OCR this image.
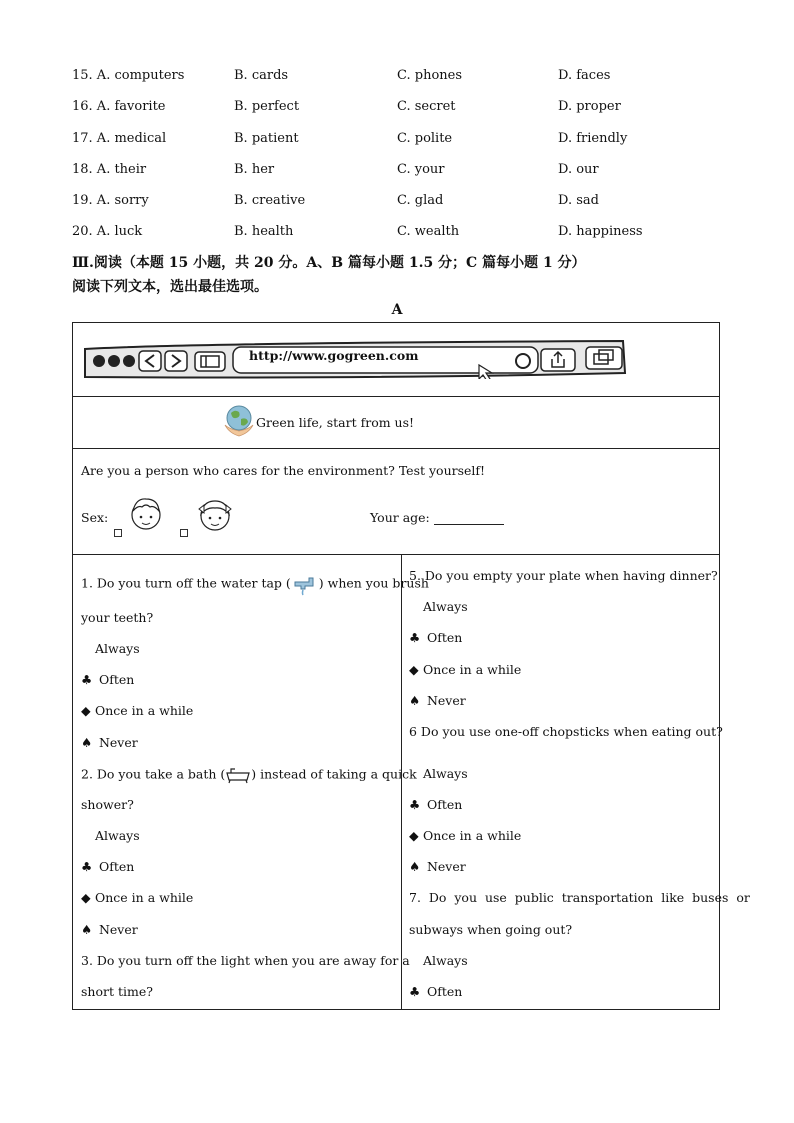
15. A. computers	B. cards	C. phones	D. faces
16. A. favorite	B. perfect	C. secret	D. proper
17. A. medical	B. patient	C. polite	D. friendly
18. A. their	B. her	C. your	D. our
19. A. sorry	B. creative	C. glad	D. sad
20. A. luck	B. health	C. wealth	D. happiness
Ⅲ.阅读（本题 15 小题，共 20 分。A、B 篇每小题 1.5 分；C 篇每小题 1 分）
阅读下列文本，选出最佳选项。
A
http://www.gogreen.com
Green life, start from us!
Are you a person who cares for the environment? Test yourself!
Sex:	Your age:
1. Do you turn off the water tap ( ) when you brush
your teeth?
Always
♣ Often
◆ Once in a while
♠ Never
2. Do you take a bath ( ) instead of taking a quick
shower?
Always
♣ Often
◆ Once in a while
♠ Never
3. Do you turn off the light when you are away for a
short time?
5. Do you empty your plate when having dinner?
Always
♣ Often
◆ Once in a while
♠ Never
6 Do you use one-off chopsticks when eating out?
Always
♣ Often
◆ Once in a while
♠ Never
7.  Do  you  use  public  transportation  like  buses  or
subways when going out?
Always
♣ Often
